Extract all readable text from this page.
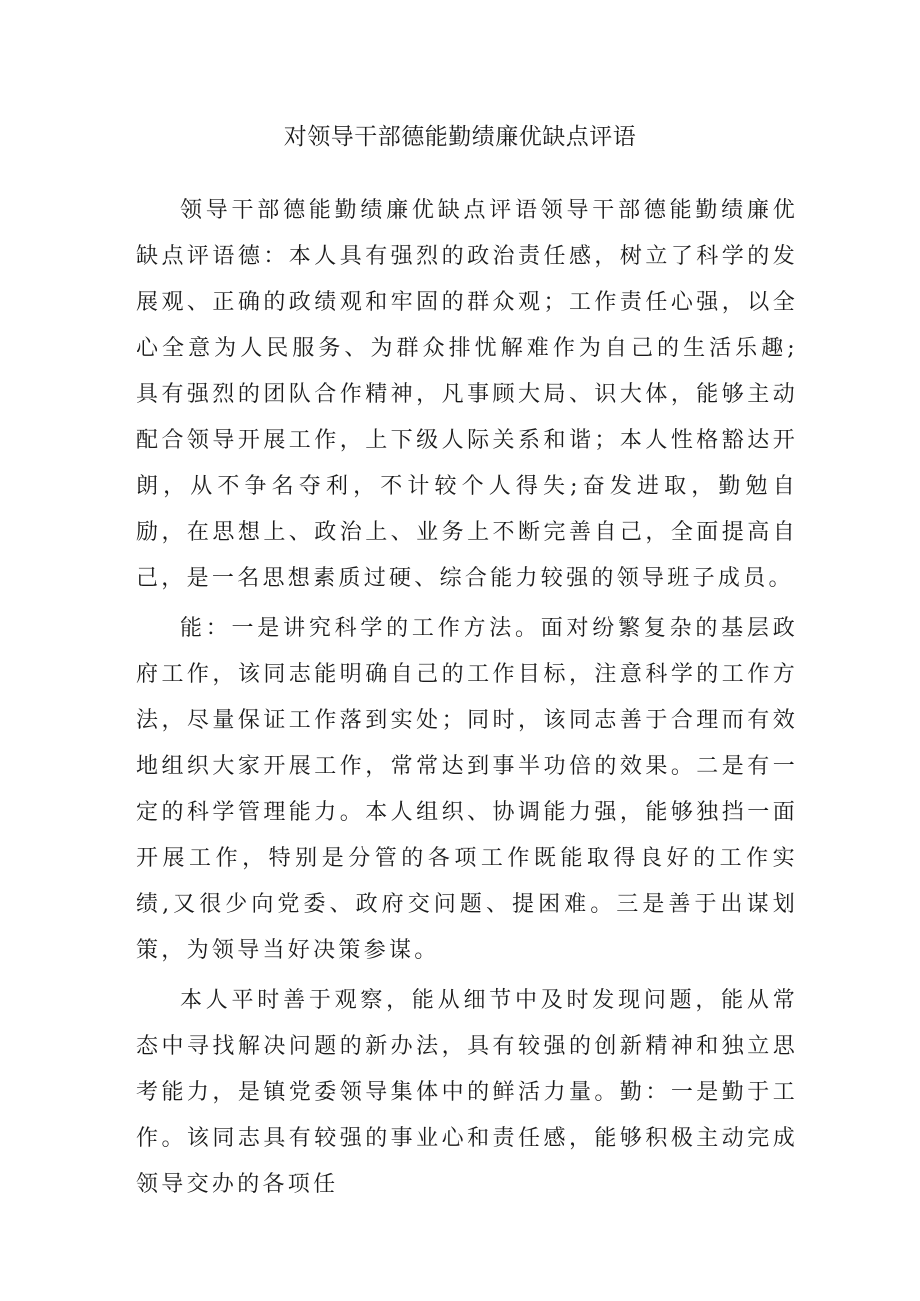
对领导干部德能勤绩廉优缺点评语

领导干部德能勤绩廉优缺点评语领导干部德能勤绩廉优缺点评语德：本人具有强烈的政治责任感，树立了科学的发展观、正确的政绩观和牢固的群众观；工作责任心强，以全心全意为人民服务、为群众排忧解难作为自己的生活乐趣;具有强烈的团队合作精神，凡事顾大局、识大体，能够主动配合领导开展工作，上下级人际关系和谐；本人性格豁达开朗，从不争名夺利，不计较个人得失;奋发进取，勤勉自励，在思想上、政治上、业务上不断完善自己，全面提高自己，是一名思想素质过硬、综合能力较强的领导班子成员。

能：一是讲究科学的工作方法。面对纷繁复杂的基层政府工作，该同志能明确自己的工作目标，注意科学的工作方法，尽量保证工作落到实处；同时，该同志善于合理而有效地组织大家开展工作，常常达到事半功倍的效果。二是有一定的科学管理能力。本人组织、协调能力强，能够独挡一面开展工作，特别是分管的各项工作既能取得良好的工作实绩,又很少向党委、政府交问题、提困难。三是善于出谋划策，为领导当好决策参谋。

本人平时善于观察，能从细节中及时发现问题，能从常态中寻找解决问题的新办法，具有较强的创新精神和独立思考能力，是镇党委领导集体中的鲜活力量。勤：一是勤于工作。该同志具有较强的事业心和责任感，能够积极主动完成领导交办的各项任
